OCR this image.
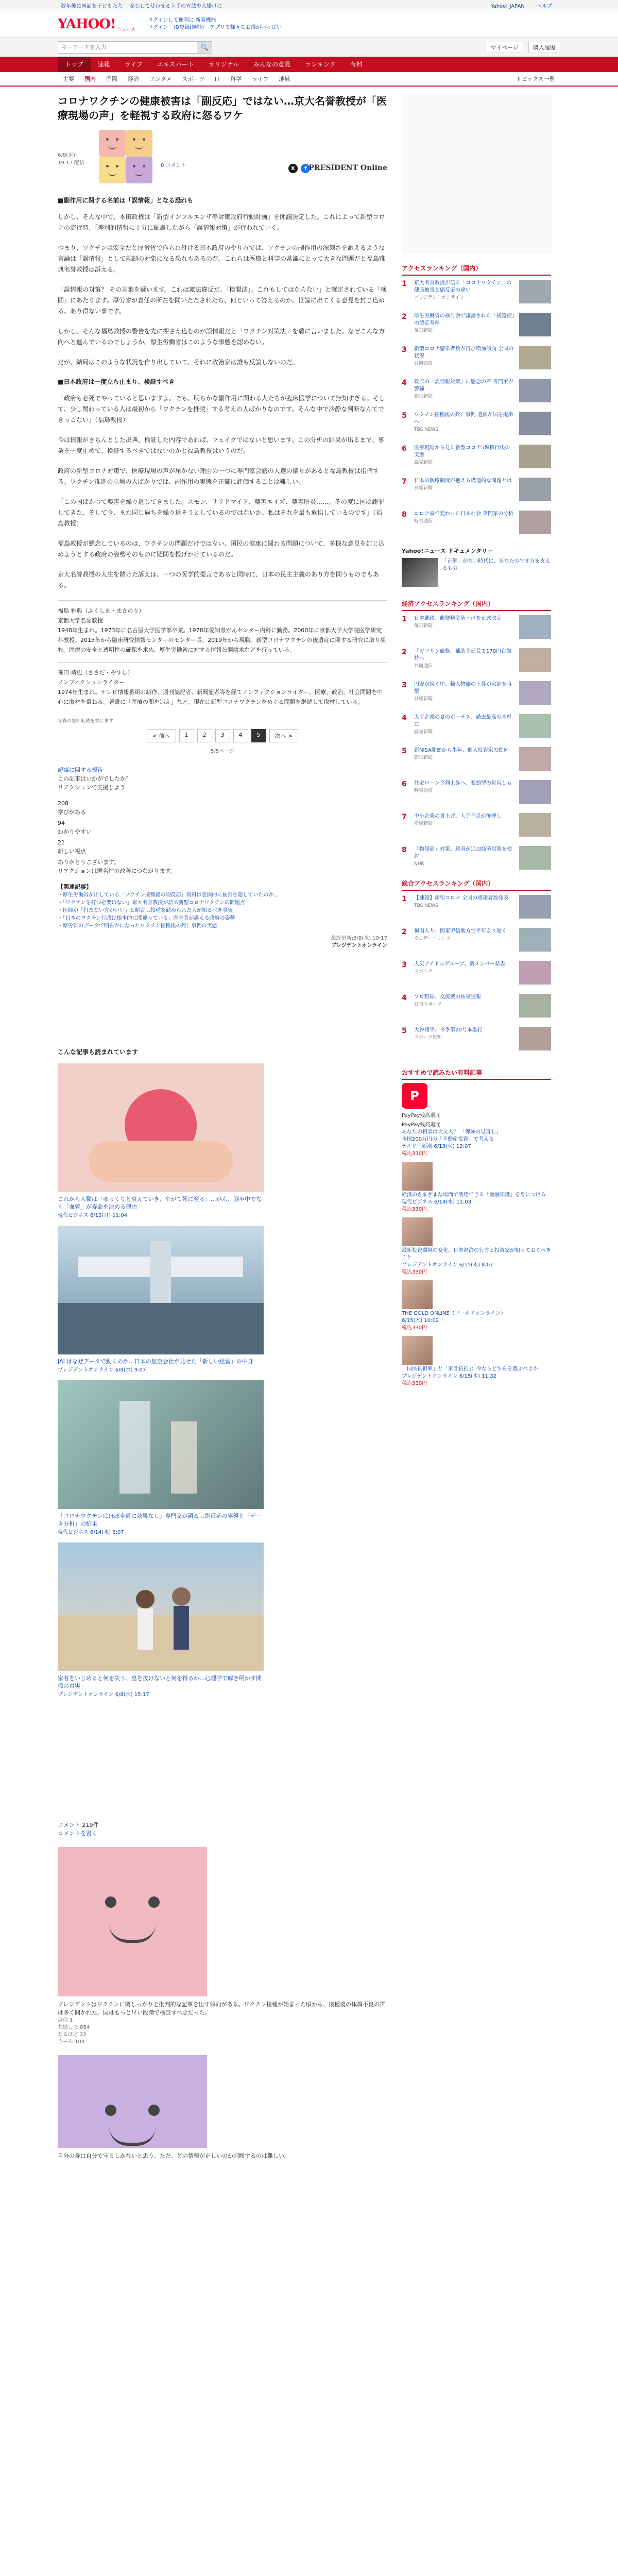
数年後に画面を子どもたち 安心して使わせる上手の方法を大掛けに	Yahoo! JAPAN ヘルプ
YAHOO! ニュース
ログインして便利に 新着機能
ログイン ID登録(無料) アプリで様々なお得がいっぱい
キーワードを入力
🔍	マイページ	購入履歴
トップ	速報	ライブ	エキスパート	オリジナル	みんなの意見	ランキング	有料
主要	国内	国際	経済	エンタメ	スポーツ	IT	科学	ライフ	地域	トピックス一覧
コロナワクチンの健康被害は「副反応」ではない…京大名誉教授が「医療現場の声」を軽視する政府に怒るワケ
6/8(水) 19:17 配信	0 コメント	X	f PRESIDENT Online
■副作用に関する名前は「誤情報」となる恐れも

しかし、そんな中で、本田政権は「新型インフルエンザ等対策政府行動計画」を閣議決定した。これによって新型コロナの流行時、「差別的情報に十分に配慮しながら「誤情報対策」が行われていく。

つまり、ワクチンは安全だと厚労省で作られ付ける日本政府のやり方では、ワクチンの副作用の深刻さを訴えるような言論は「誤情報」として規制の対象になる恐れもあるのだ。これらは医療と科学の常識にとって大きな問題だと福島雅典名誉教授は訴える。

「誤情報の対策？ その言葉を疑います。これは憲法違反だ。「検閲法」。これもしてはならない」と確定されている「検閲」にあたります。厚労省が責任の所在を問いただされたら、何といって答えるのか。世論に出てくる意見を封じ込める、あり得ない事です。

しかし、そんな福島教授の警告を先に押さえ込むのが誤情報だと「ワクチン対策法」を盾に言いました。なぜこんな方向へと進んでいるのでしょうか。厚生労働省はこのような事態を認めない。

だが、結局はこのような状況を作り出していて、それに政治家は誰も反論しないのだ。

■日本政府は一度立ち止まり、検証すべき

「政府も必死でやっていると思いますよ。でも、明らかな副作用に関わる人たちが臨床医学について無知すぎる。そして、少し関わっている人は最初から「ワクチンを推奨」する考えの人ばかりなのです。そんな中で冷静な判断なんてできっこない」（福島教授）

今は情報がきちんとした出典、検証した内容であれば、フェイクではないと思います。この分析の結果が出るまで、事業を一度止めて、検証するべきではないのかと福島教授はいうのだ。

政府の新型コロナ対策で、医療現場の声が届かない理由の一つに専門家会議の人選の偏りがあると福島教授は指摘する。ワクチン推進の立場の人ばかりでは、副作用の実態を正確に評価することは難しい。

「この国はかつて薬害を繰り返してきました。スモン、サリドマイド、薬害エイズ、薬害肝炎……。その度に国は謝罪してきた。そして今、また同じ過ちを繰り返そうとしているのではないか。私はそれを最も危惧しているのです」（福島教授）

福島教授が懸念しているのは、ワクチンの問題だけではない。国民の健康に関わる問題について、多様な意見を封じ込めようとする政府の姿勢そのものに疑問を投げかけているのだ。

京大名誉教授の人生を賭けた訴えは、一つの医学的提言であると同時に、日本の民主主義のあり方を問うものでもある。

福島 雅典（ふくしま・まさのり）
京都大学名誉教授
1948年生まれ。1973年に名古屋大学医学部卒業。1978年愛知県がんセンター内科に勤務。2000年に京都大学大学院医学研究科教授。2015年から臨床研究情報センターのセンター長、2019年から現職。新型コロナワクチンの後遺症に関する研究に取り組む。医療の安全と透明性の確保を求め、厚生労働省に対する情報公開請求などを行っている。
笹田 靖史（ささだ・やすし）
ノンフィクションライター
1974年生まれ。テレビ情報番組の制作、週刊誌記者、新聞記者等を経てノンフィクションライター。医療、政治、社会問題を中心に取材を重ねる。著書に「医療の闇を追え」など。現在は新型コロナワクチンをめぐる問題を継続して取材している。
写真の無断転載を禁じます
< 前へ	1	2	3	4	5	次へ >
5/5ページ
記事に関する報告
この記事はいかがでしたか？
リアクションで支援しよう
208
学びがある
94
わかりやすい
21
新しい視点
ありがとうございます。
リアクションは匿名性の改善につながります。
【関連記事】
・厚生労働省が出している「ワクチン接種後の副反応」資料は意図的に被害を隠していたのか…
・「ワクチンを打つ必要はない」京大名誉教授が語る新型コロナワクチンの問題点
・医師が「打たない方がいい」と断言…接種を勧められた人が知るべき事実
・「日本のワクチン行政は根本的に間違っている」医学者が訴える政府の姿勢
・厚労省のデータで明らかになったワクチン接種後の死亡事例の実態
最終更新:6/8(水) 19:17
プレジデントオンライン
こんな記事も読まれています
これから人類は「ゆっくりと衰えていき、やがて死に至る」…がん、脳卒中でなく「血管」が寿命を決める理由
現代ビジネス 6/12(月) 11:04
JALはなぜデータで動くのか…日本の航空会社が見せた「新しい経営」の中身
プレジデントオンライン 6/8(水) 9:07
「コロナワクチンはほぼ全員に効果なし」専門家が語る…副反応の実態と「データ分析」の結果
現代ビジネス 6/14(水) 6:07
家者をいじめると何を失う、息を抜けないと何を得るか…心理学で解き明かす関係の真実
プレジデントオンライン 6/8(水) 15:17
コメント 219件
コメントを書く
プレジデントはワクチンに関しっかりと批判的な記事を出す傾向がある。ワクチン接種が始まった頃から、接種後の体調不良の声は多く聞かれた。国はもっと早い段階で検証すべきだった。
返信 1
共感した 854
なるほど 22
うーん 104
自分の身は自分で守るしかないと思う。ただ、どの情報が正しいのか判断するのは難しい。
アクセスランキング（国内）
1	京大名誉教授が語る「コロナワクチン」の健康被害と副反応の違い
プレジデントオンライン
2	厚生労働省の検討会で議論された「後遺症」の認定基準
毎日新聞
3	新型コロナ感染者数が再び増加傾向 全国の状況
共同通信
4	政府の「誤情報対策」に懸念の声 専門家が警鐘
朝日新聞
5	ワクチン接種後の死亡事例 遺族が国を提訴へ
TBS NEWS
6	医療現場から見た新型コロナ5類移行後の実態
読売新聞
7	日本の医療制度が抱える構造的な問題とは
日経新聞
8	コロナ禍で変わった日本社会 専門家の分析
時事通信
Yahoo!ニュース ドキュメンタリー
「正解」がない時代に、あなたの生き方を支えるもの
経済アクセスランキング（国内）
1	日本郵政、郵便料金値上げを正式決定
毎日新聞
2	「ガソリン価格」補助金延長で170円台維持へ
共同通信
3	円安が続く中、輸入物価の上昇が家計を直撃
日経新聞
4	大手企業の夏のボーナス、過去最高の水準に
読売新聞
5	新NISA開始から半年、個人投資家の動向
朝日新聞
6	住宅ローン金利上昇へ、変動型の見直しも
時事通信
7	中小企業の賃上げ、人手不足が後押し
産経新聞
8	「物価高」対策、政府が追加経済対策を検討
NHK
総合アクセスランキング（国内）
1	【速報】新型コロナ 全国の感染者数発表
TBS NEWS
2	梅雨入り、関東甲信地方で平年より遅く
ウェザーニュース
3	人気アイドルグループ、新メンバー発表
スポニチ
4	プロ野球、交流戦の結果速報
日刊スポーツ
5	大谷翔平、今季第20号本塁打
スポーツ報知
おすすめで読みたい有料記事
P
PayPay残高還元
PayPay残高還元
あなたの相談は大丈夫？ 「保険の見直し」
全国200万円の「不動産投資」で考える
デイリー新潮 6/13(火) 12:07
税込330円
経済のさまざまな場面で活用できる「金融知識」を身につける
現代ビジネス 6/14(水) 11:03
税込330円
最新投資環境の変化、日本経済の行方と投資家が知っておくべきこと
プレジデントオンライン 6/15(木) 8:07
税込330円
THE GOLD ONLINE（ゴールドオンライン）
6/15(木) 10:02
税込330円
「国民負担率」と「家計負担」：今ならどちらを選ぶべきか
プレジデントオンライン 6/15(木) 11:32
税込330円
